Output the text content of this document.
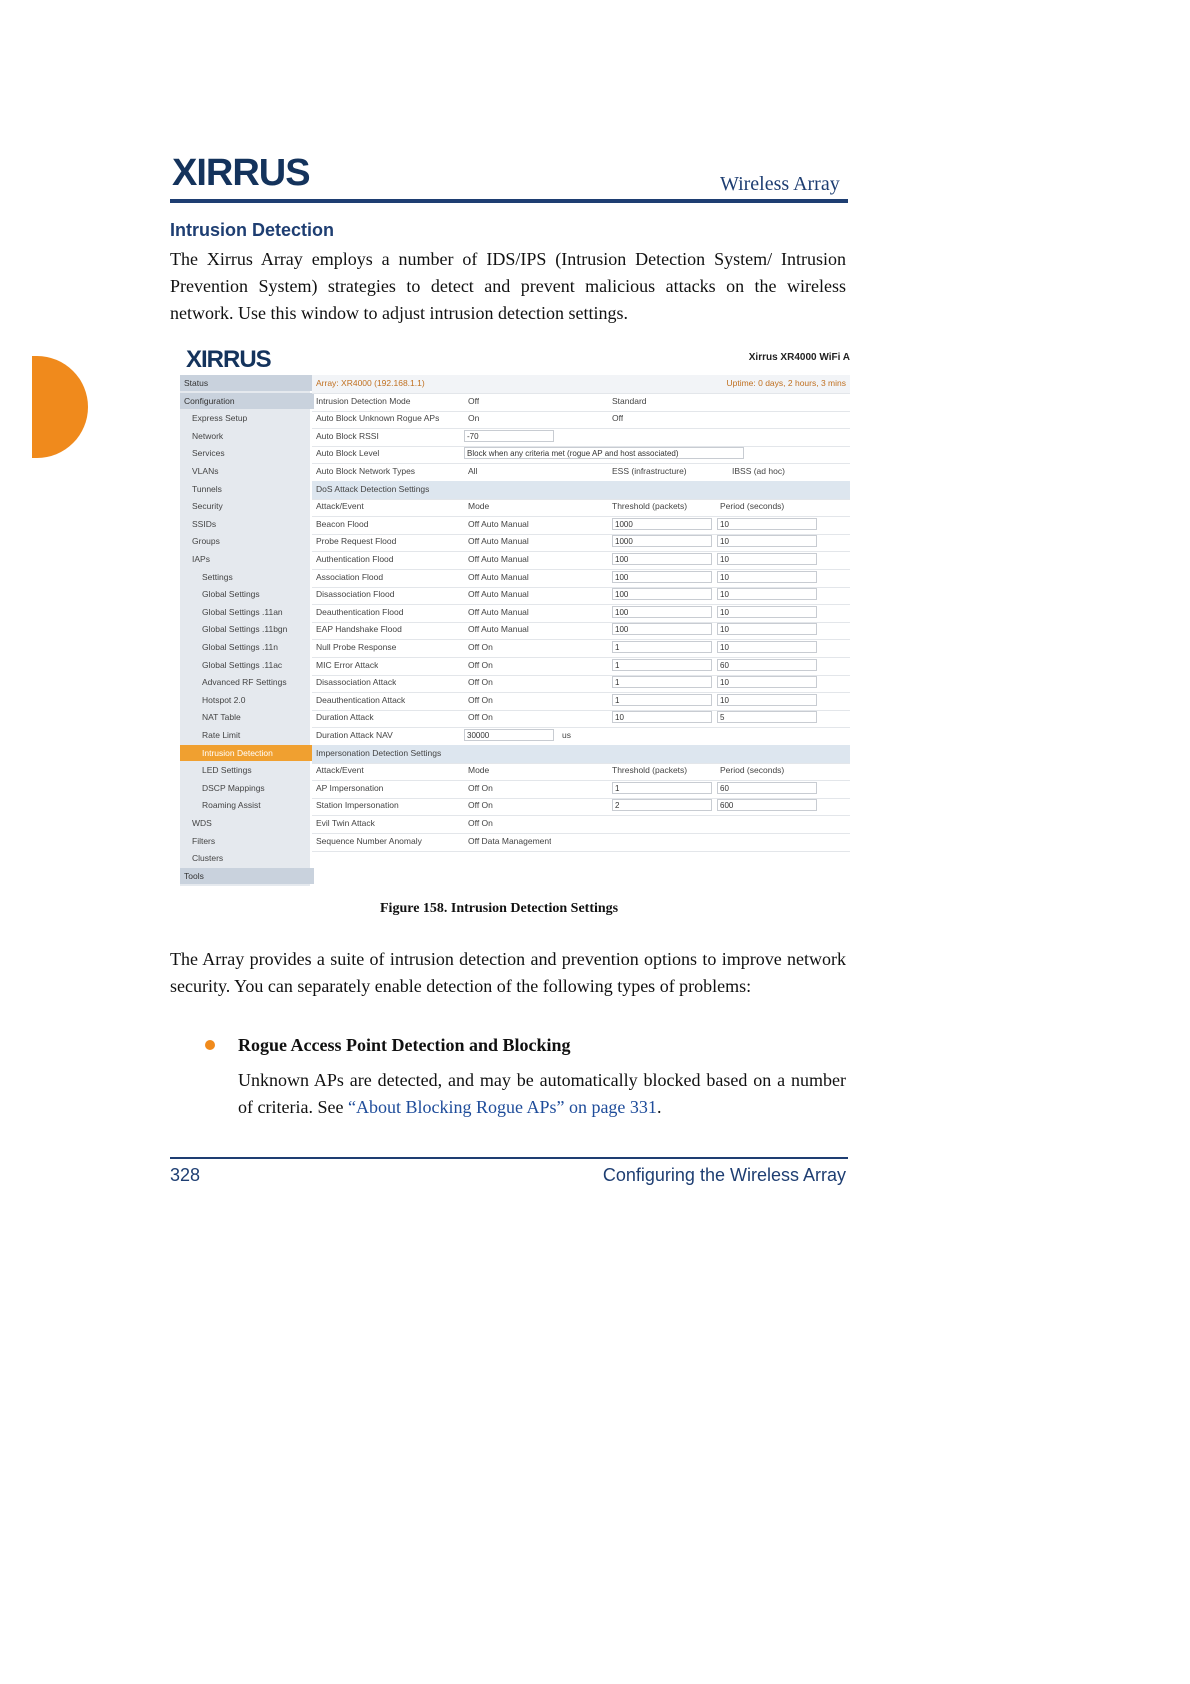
XIRRUS	Wireless Array
Intrusion Detection
The Xirrus Array employs a number of IDS/IPS (Intrusion Detection System/ Intrusion Prevention System) strategies to detect and prevent malicious attacks on the wireless network. Use this window to adjust intrusion detection settings.
XIRRUS	Xirrus XR4000 WiFi A
Status
Configuration
Express Setup
Network
Services
VLANs
Tunnels
Security
SSIDs
Groups
IAPs
Settings
Global Settings
Global Settings .11an
Global Settings .11bgn
Global Settings .11n
Global Settings .11ac
Advanced RF Settings
Hotspot 2.0
NAT Table
Rate Limit
Intrusion Detection
LED Settings
DSCP Mappings
Roaming Assist
WDS
Filters
Clusters
Tools
Array: XR4000 (192.168.1.1)	Uptime: 0 days, 2 hours, 3 mins
Intrusion Detection Mode	Off	Standard
Auto Block Unknown Rogue APs	On	Off
Auto Block RSSI	-70
Auto Block Level	Block when any criteria met (rogue AP and host associated)
Auto Block Network Types	All	ESS (infrastructure)	IBSS (ad hoc)
DoS Attack Detection Settings
Attack/Event	Mode	Threshold (packets)	Period (seconds)
Beacon Flood	Off Auto Manual	1000	10
Probe Request Flood	Off Auto Manual	1000	10
Authentication Flood	Off Auto Manual	100	10
Association Flood	Off Auto Manual	100	10
Disassociation Flood	Off Auto Manual	100	10
Deauthentication Flood	Off Auto Manual	100	10
EAP Handshake Flood	Off Auto Manual	100	10
Null Probe Response	Off On	1	10
MIC Error Attack	Off On	1	60
Disassociation Attack	Off On	1	10
Deauthentication Attack	Off On	1	10
Duration Attack	Off On	10	5
Duration Attack NAV	30000	us
Impersonation Detection Settings
Attack/Event	Mode	Threshold (packets)	Period (seconds)
AP Impersonation	Off On	1	60
Station Impersonation	Off On	2	600
Evil Twin Attack	Off On
Sequence Number Anomaly	Off Data Management
Figure 158. Intrusion Detection Settings
The Array provides a suite of intrusion detection and prevention options to improve network security. You can separately enable detection of the following types of problems:
Rogue Access Point Detection and Blocking
Unknown APs are detected, and may be automatically blocked based on a number of criteria. See “About Blocking Rogue APs” on page 331.
328	Configuring the Wireless Array
